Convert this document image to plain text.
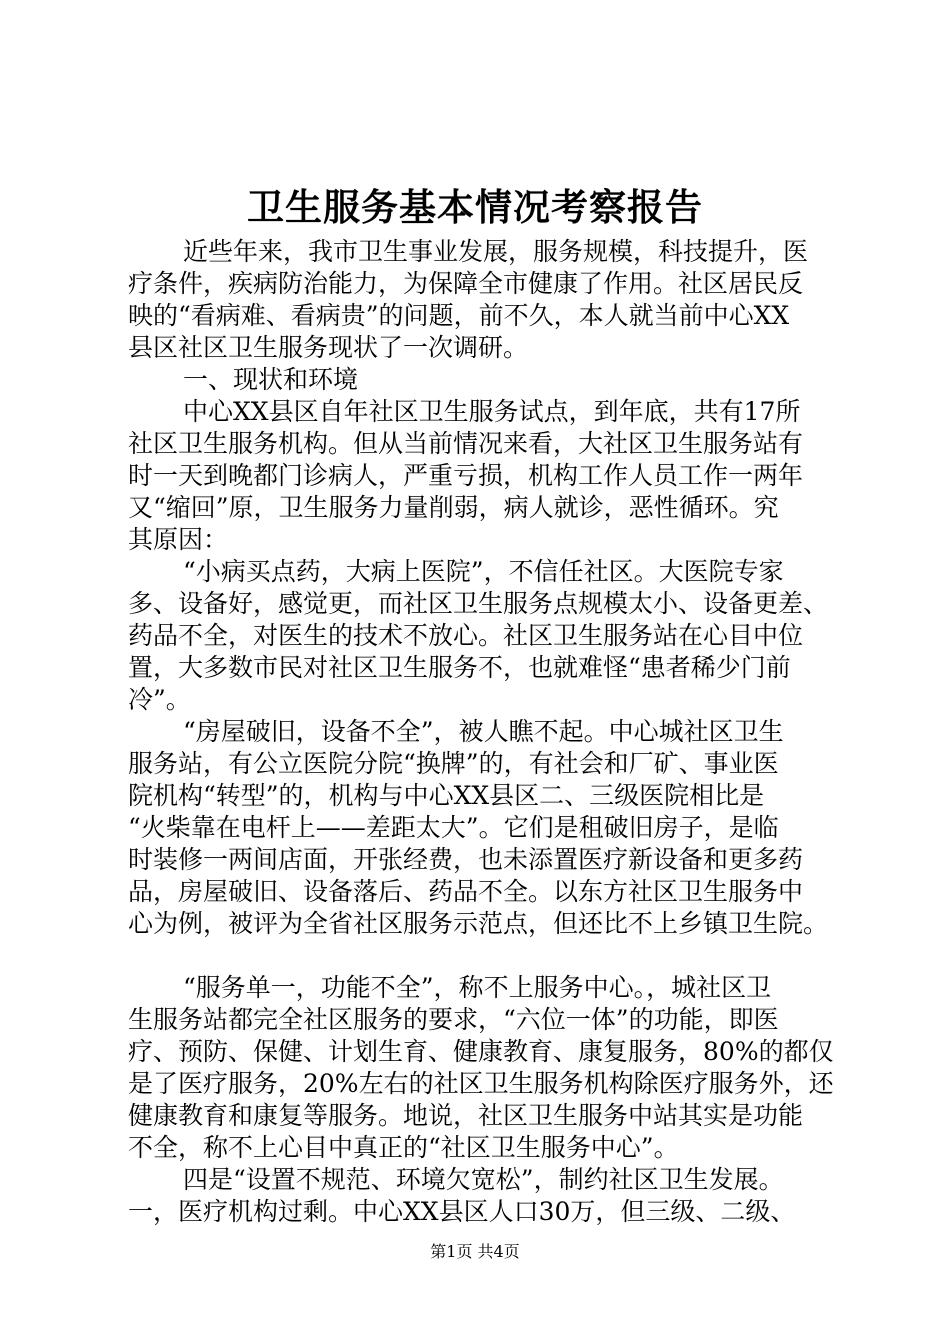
卫生服务基本情况考察报告
近些年来，我市卫生事业发展，服务规模，科技提升，医
疗条件，疾病防治能力，为保障全市健康了作用。社区居民反
映的“看病难、看病贵”的问题，前不久，本人就当前中心XX
县区社区卫生服务现状了一次调研。
一、现状和环境
中心XX县区自年社区卫生服务试点，到年底，共有17所
社区卫生服务机构。但从当前情况来看，大社区卫生服务站有
时一天到晚都门诊病人，严重亏损，机构工作人员工作一两年
又“缩回”原，卫生服务力量削弱，病人就诊，恶性循环。究
其原因：
“小病买点药，大病上医院”，不信任社区。大医院专家
多、设备好，感觉更，而社区卫生服务点规模太小、设备更差、
药品不全，对医生的技术不放心。社区卫生服务站在心目中位
置，大多数市民对社区卫生服务不，也就难怪“患者稀少门前
冷”。
“房屋破旧，设备不全”，被人瞧不起。中心城社区卫生
服务站，有公立医院分院“换牌”的，有社会和厂矿、事业医
院机构“转型”的，机构与中心XX县区二、三级医院相比是
“火柴靠在电杆上——差距太大”。它们是租破旧房子，是临
时装修一两间店面，开张经费，也未添置医疗新设备和更多药
品，房屋破旧、设备落后、药品不全。以东方社区卫生服务中
心为例，被评为全省社区服务示范点，但还比不上乡镇卫生院。
“服务单一，功能不全”，称不上服务中心。，城社区卫
生服务站都完全社区服务的要求，“六位一体”的功能，即医
疗、预防、保健、计划生育、健康教育、康复服务，80%的都仅
是了医疗服务，20%左右的社区卫生服务机构除医疗服务外，还
健康教育和康复等服务。地说，社区卫生服务中站其实是功能
不全，称不上心目中真正的“社区卫生服务中心”。
四是“设置不规范、环境欠宽松”，制约社区卫生发展。
一，医疗机构过剩。中心XX县区人口30万，但三级、二级、
第1页 共4页
